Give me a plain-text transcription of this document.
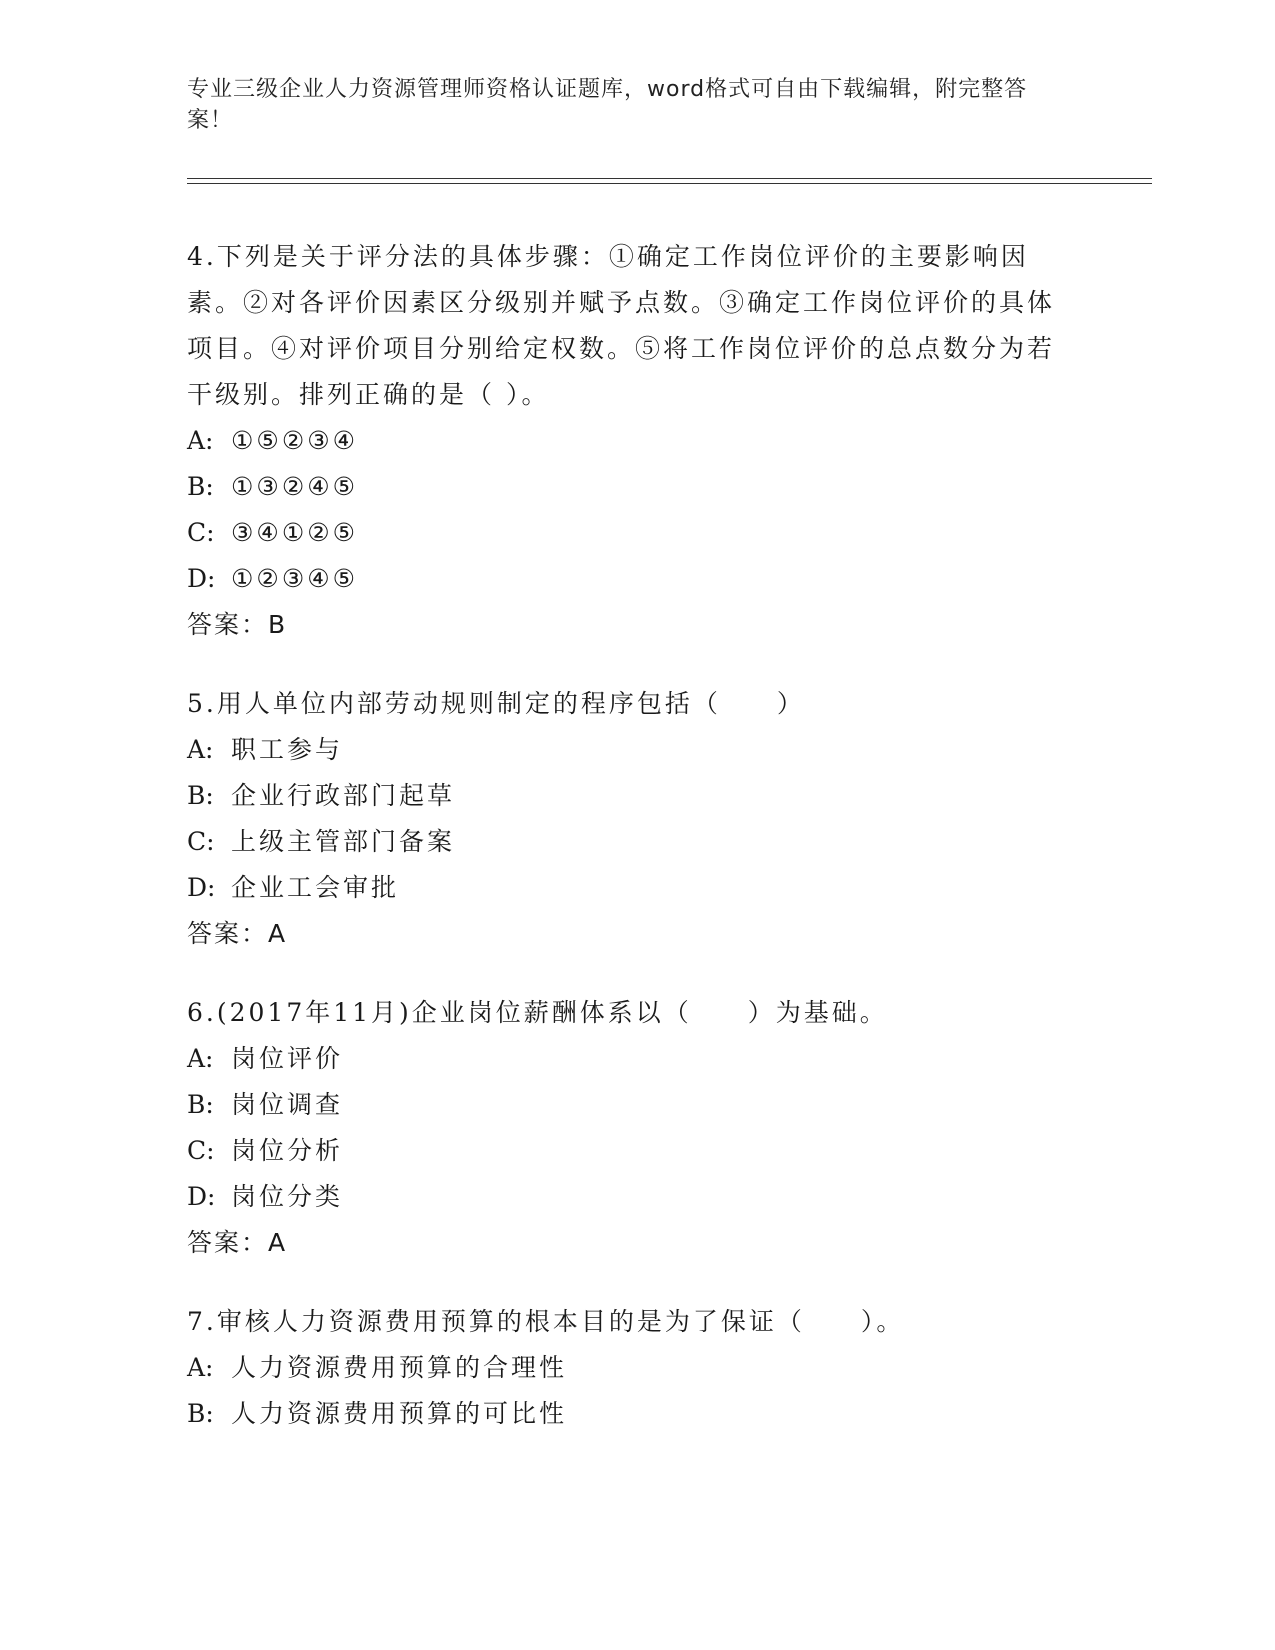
专业三级企业人力资源管理师资格认证题库，word格式可自由下载编辑，附完整答案！
4.下列是关于评分法的具体步骤：①确定工作岗位评价的主要影响因素。②对各评价因素区分级别并赋予点数。③确定工作岗位评价的具体项目。④对评价项目分别给定权数。⑤将工作岗位评价的总点数分为若干级别。排列正确的是（ ）。
A: ①⑤②③④
B: ①③②④⑤
C: ③④①②⑤
D: ①②③④⑤
答案：B
5.用人单位内部劳动规则制定的程序包括（　　）
A: 职工参与
B: 企业行政部门起草
C: 上级主管部门备案
D: 企业工会审批
答案：A
6.(2017年11月)企业岗位薪酬体系以（　　）为基础。
A: 岗位评价
B: 岗位调查
C: 岗位分析
D: 岗位分类
答案：A
7.审核人力资源费用预算的根本目的是为了保证（　　）。
A: 人力资源费用预算的合理性
B: 人力资源费用预算的可比性
